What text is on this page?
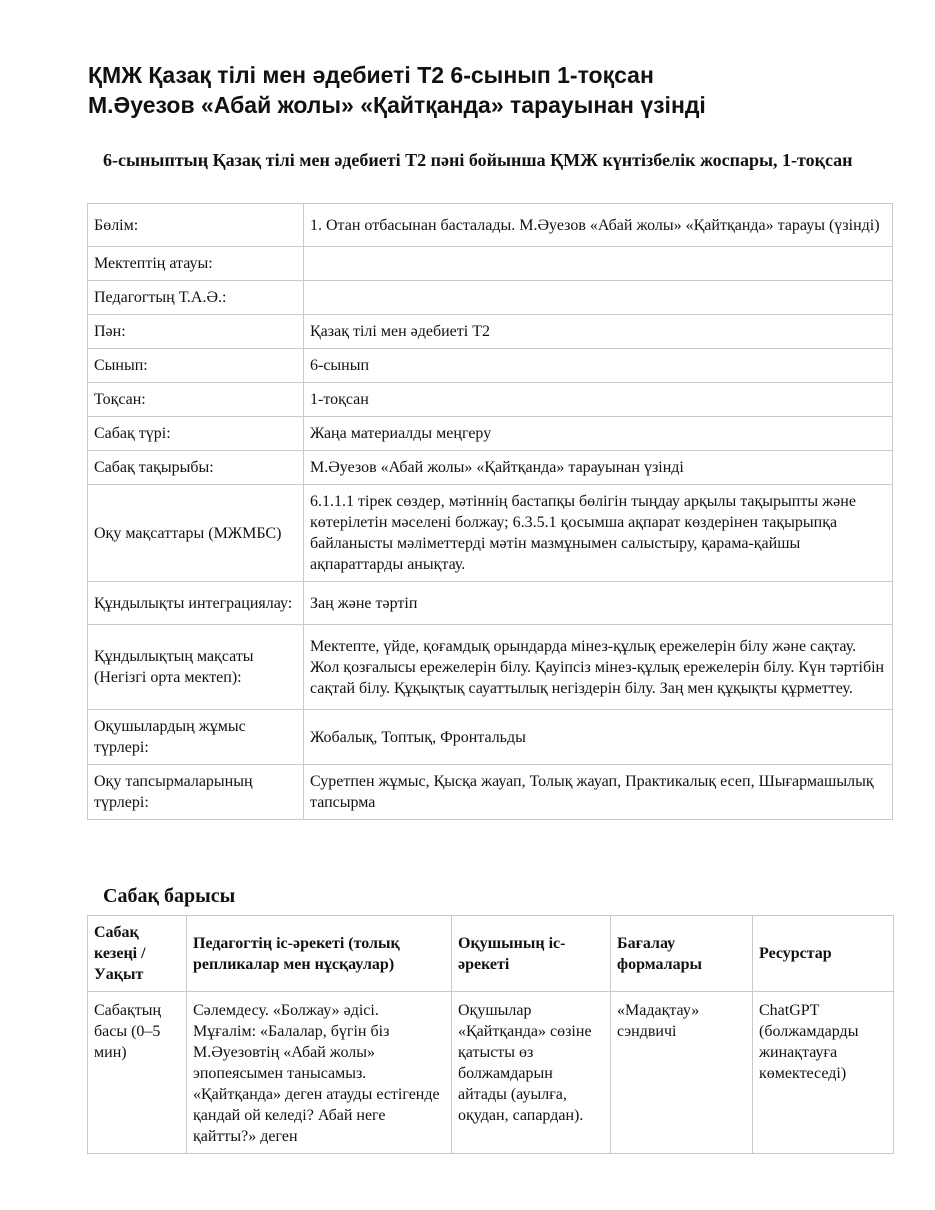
ҚМЖ Қазақ тілі мен әдебиеті Т2 6-сынып 1-тоқсан
М.Әуезов «Абай жолы» «Қайтқанда» тарауынан үзінді
6-сыныптың Қазақ тілі мен әдебиеті Т2 пәні бойынша ҚМЖ күнтізбелік жоспары, 1-тоқсан
Бөлім:	1. Отан отбасынан басталады. М.Әуезов «Абай жолы» «Қайтқанда» тарауы (үзінді)
Мектептің атауы:	
Педагогтың Т.А.Ә.:	
Пән:	Қазақ тілі мен әдебиеті Т2
Сынып:	6-сынып
Тоқсан:	1-тоқсан
Сабақ түрі:	Жаңа материалды меңгеру
Сабақ тақырыбы:	М.Әуезов «Абай жолы» «Қайтқанда» тарауынан үзінді
Оқу мақсаттары (МЖМБС)	6.1.1.1 тірек сөздер, мәтіннің бастапқы бөлігін тыңдау арқылы тақырыпты және көтерілетін мәселені болжау; 6.3.5.1 қосымша ақпарат көздерінен тақырыпқа байланысты мәліметтерді мәтін мазмұнымен салыстыру, қарама-қайшы ақпараттарды анықтау.
Құндылықты интеграциялау:	Заң және тәртіп
Құндылықтың мақсаты (Негізгі орта мектеп):	Мектепте, үйде, қоғамдық орындарда мінез-құлық ережелерін білу және сақтау. Жол қозғалысы ережелерін білу. Қауіпсіз мінез-құлық ережелерін білу. Күн тәртібін сақтай білу. Құқықтық сауаттылық негіздерін білу. Заң мен құқықты құрметтеу.
Оқушылардың жұмыс түрлері:	Жобалық, Топтық, Фронтальды
Оқу тапсырмаларының түрлері:	Суретпен жұмыс, Қысқа жауап, Толық жауап, Практикалық есеп, Шығармашылық тапсырма
Сабақ барысы
Сабақ кезеңі / Уақыт	Педагогтің іс-әрекеті (толық репликалар мен нұсқаулар)	Оқушының іс-әрекеті	Бағалау формалары	Ресурстар
Сабақтың басы (0–5 мин)	Сәлемдесу. «Болжау» әдісі. Мұғалім: «Балалар, бүгін біз М.Әуезовтің «Абай жолы» эпопеясымен танысамыз. «Қайтқанда» деген атауды естігенде қандай ой келеді? Абай неге қайтты?» деген	Оқушылар «Қайтқанда» сөзіне қатысты өз болжамдарын айтады (ауылға, оқудан, сапардан).	«Мадақтау» сэндвичі	ChatGPT (болжамдарды жинақтауға көмектеседі)
